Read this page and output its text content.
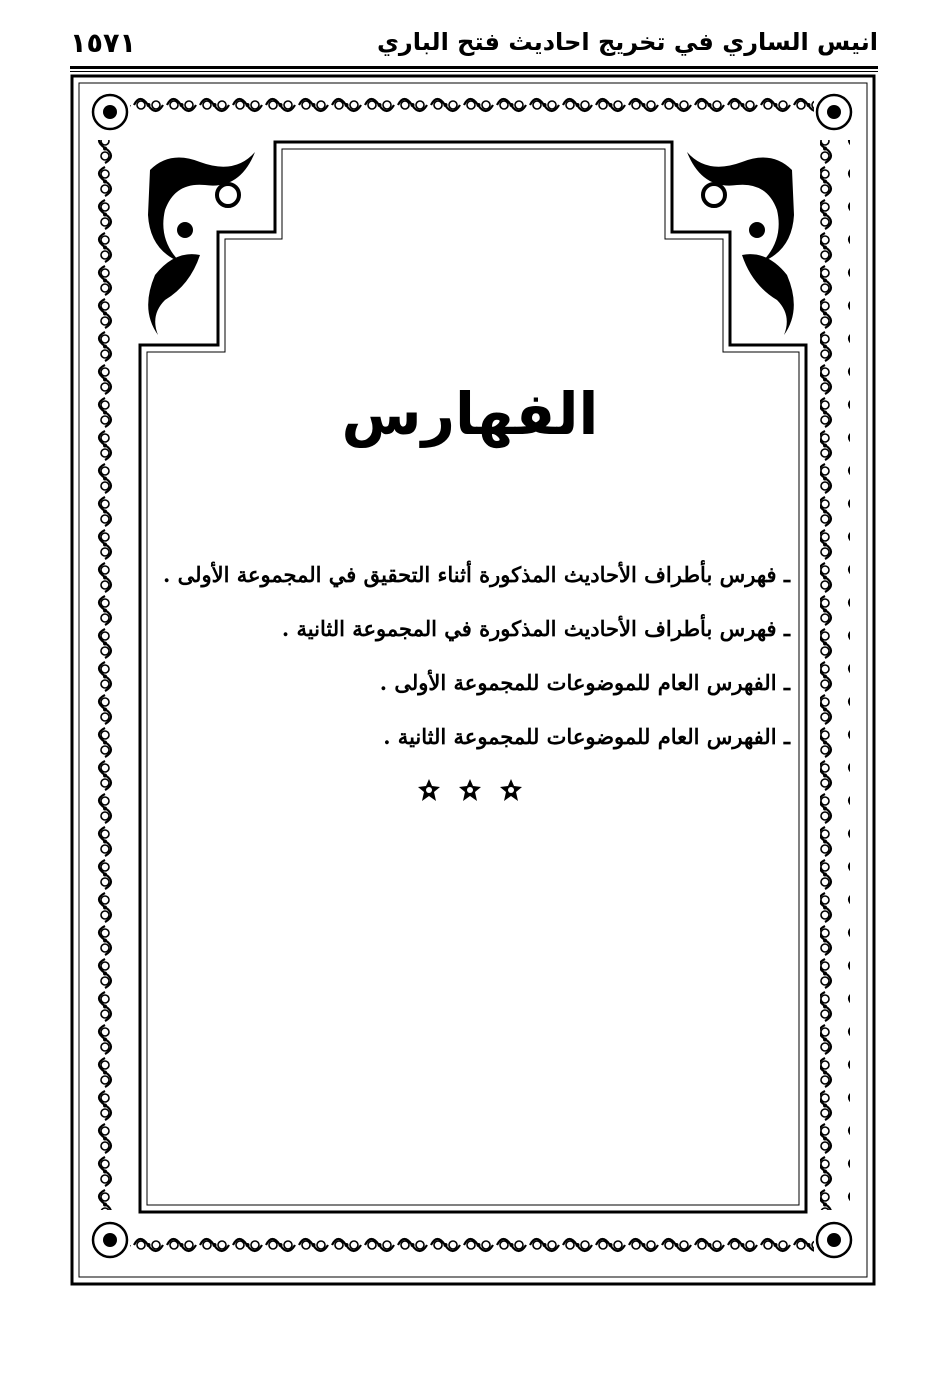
١٥٧١	انيس الساري في تخريج احاديث فتح الباري
الفهارس
ـ فهرس بأطراف الأحاديث المذكورة أثناء التحقيق في المجموعة الأولى .
ـ فهرس بأطراف الأحاديث المذكورة في المجموعة الثانية .
ـ الفهرس العام للموضوعات للمجموعة الأولى .
ـ الفهرس العام للموضوعات للمجموعة الثانية .
